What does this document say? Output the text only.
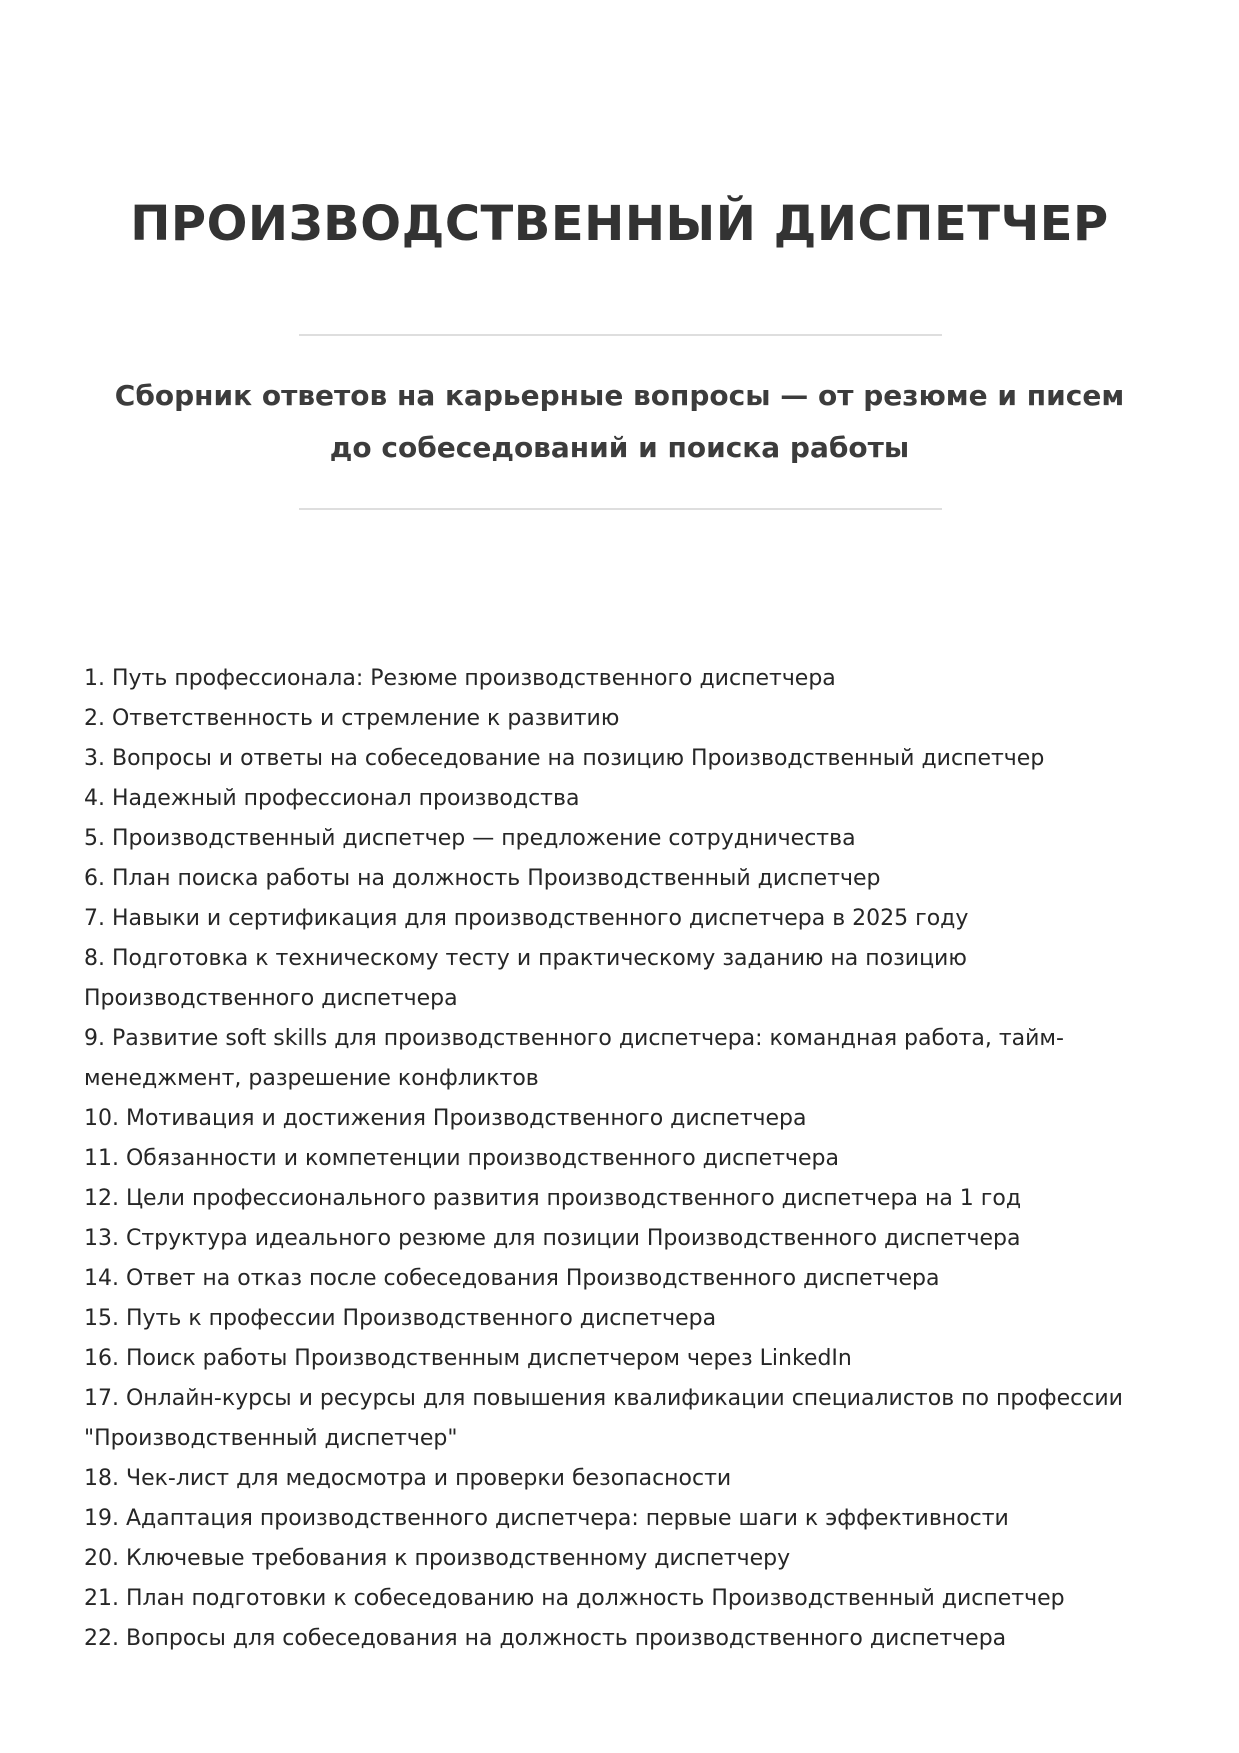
ПРОИЗВОДСТВЕННЫЙ ДИСПЕТЧЕР
Сборник ответов на карьерные вопросы — от резюме и писем до собеседований и поиска работы
1. Путь профессионала: Резюме производственного диспетчера
2. Ответственность и стремление к развитию
3. Вопросы и ответы на собеседование на позицию Производственный диспетчер
4. Надежный профессионал производства
5. Производственный диспетчер — предложение сотрудничества
6. План поиска работы на должность Производственный диспетчер
7. Навыки и сертификация для производственного диспетчера в 2025 году
8. Подготовка к техническому тесту и практическому заданию на позицию Производственного диспетчера
9. Развитие soft skills для производственного диспетчера: командная работа, тайм-менеджмент, разрешение конфликтов
10. Мотивация и достижения Производственного диспетчера
11. Обязанности и компетенции производственного диспетчера
12. Цели профессионального развития производственного диспетчера на 1 год
13. Структура идеального резюме для позиции Производственного диспетчера
14. Ответ на отказ после собеседования Производственного диспетчера
15. Путь к профессии Производственного диспетчера
16. Поиск работы Производственным диспетчером через LinkedIn
17. Онлайн-курсы и ресурсы для повышения квалификации специалистов по профессии "Производственный диспетчер"
18. Чек-лист для медосмотра и проверки безопасности
19. Адаптация производственного диспетчера: первые шаги к эффективности
20. Ключевые требования к производственному диспетчеру
21. План подготовки к собеседованию на должность Производственный диспетчер
22. Вопросы для собеседования на должность производственного диспетчера
